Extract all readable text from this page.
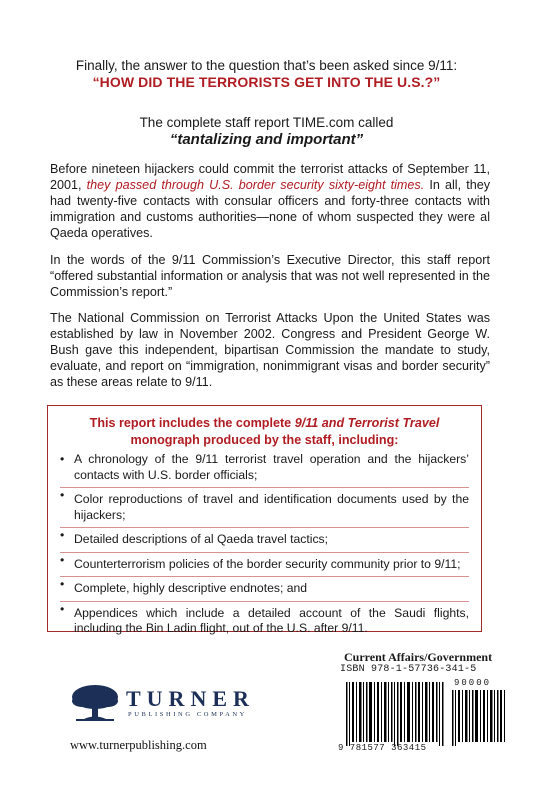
Finally, the answer to the question that’s been asked since 9/11:
“HOW DID THE TERRORISTS GET INTO THE U.S.?”
The complete staff report TIME.com called
“tantalizing and important”

Before nineteen hijackers could commit the terrorist attacks of September 11, 2001, they passed through U.S. border security sixty-eight times. In all, they had twenty-five contacts with consular officers and forty-three contacts with immigration and customs authorities—none of whom suspected they were al Qaeda operatives.

In the words of the 9/11 Commission’s Executive Director, this staff report “offered substantial information or analysis that was not well represented in the Commission’s report.”

The National Commission on Terrorist Attacks Upon the United States was established by law in November 2002. Congress and President George W. Bush gave this independent, bipartisan Commission the mandate to study, evaluate, and report on “immigration, nonimmigrant visas and border security” as these areas relate to 9/11.

This report includes the complete 9/11 and Terrorist Travel
monograph produced by the staff, including:
• A chronology of the 9/11 terrorist travel operation and the hijackers’ contacts with U.S. border officials;
• Color reproductions of travel and identification documents used by the hijackers;
• Detailed descriptions of al Qaeda travel tactics;
• Counterterrorism policies of the border security community prior to 9/11;
• Complete, highly descriptive endnotes; and
• Appendices which include a detailed account of the Saudi flights, including the Bin Ladin flight, out of the U.S. after 9/11.
TURNER
PUBLISHING COMPANY
www.turnerpublishing.com
Current Affairs/Government
ISBN 978-1-57736-341-5
90000
9 781577 363415
